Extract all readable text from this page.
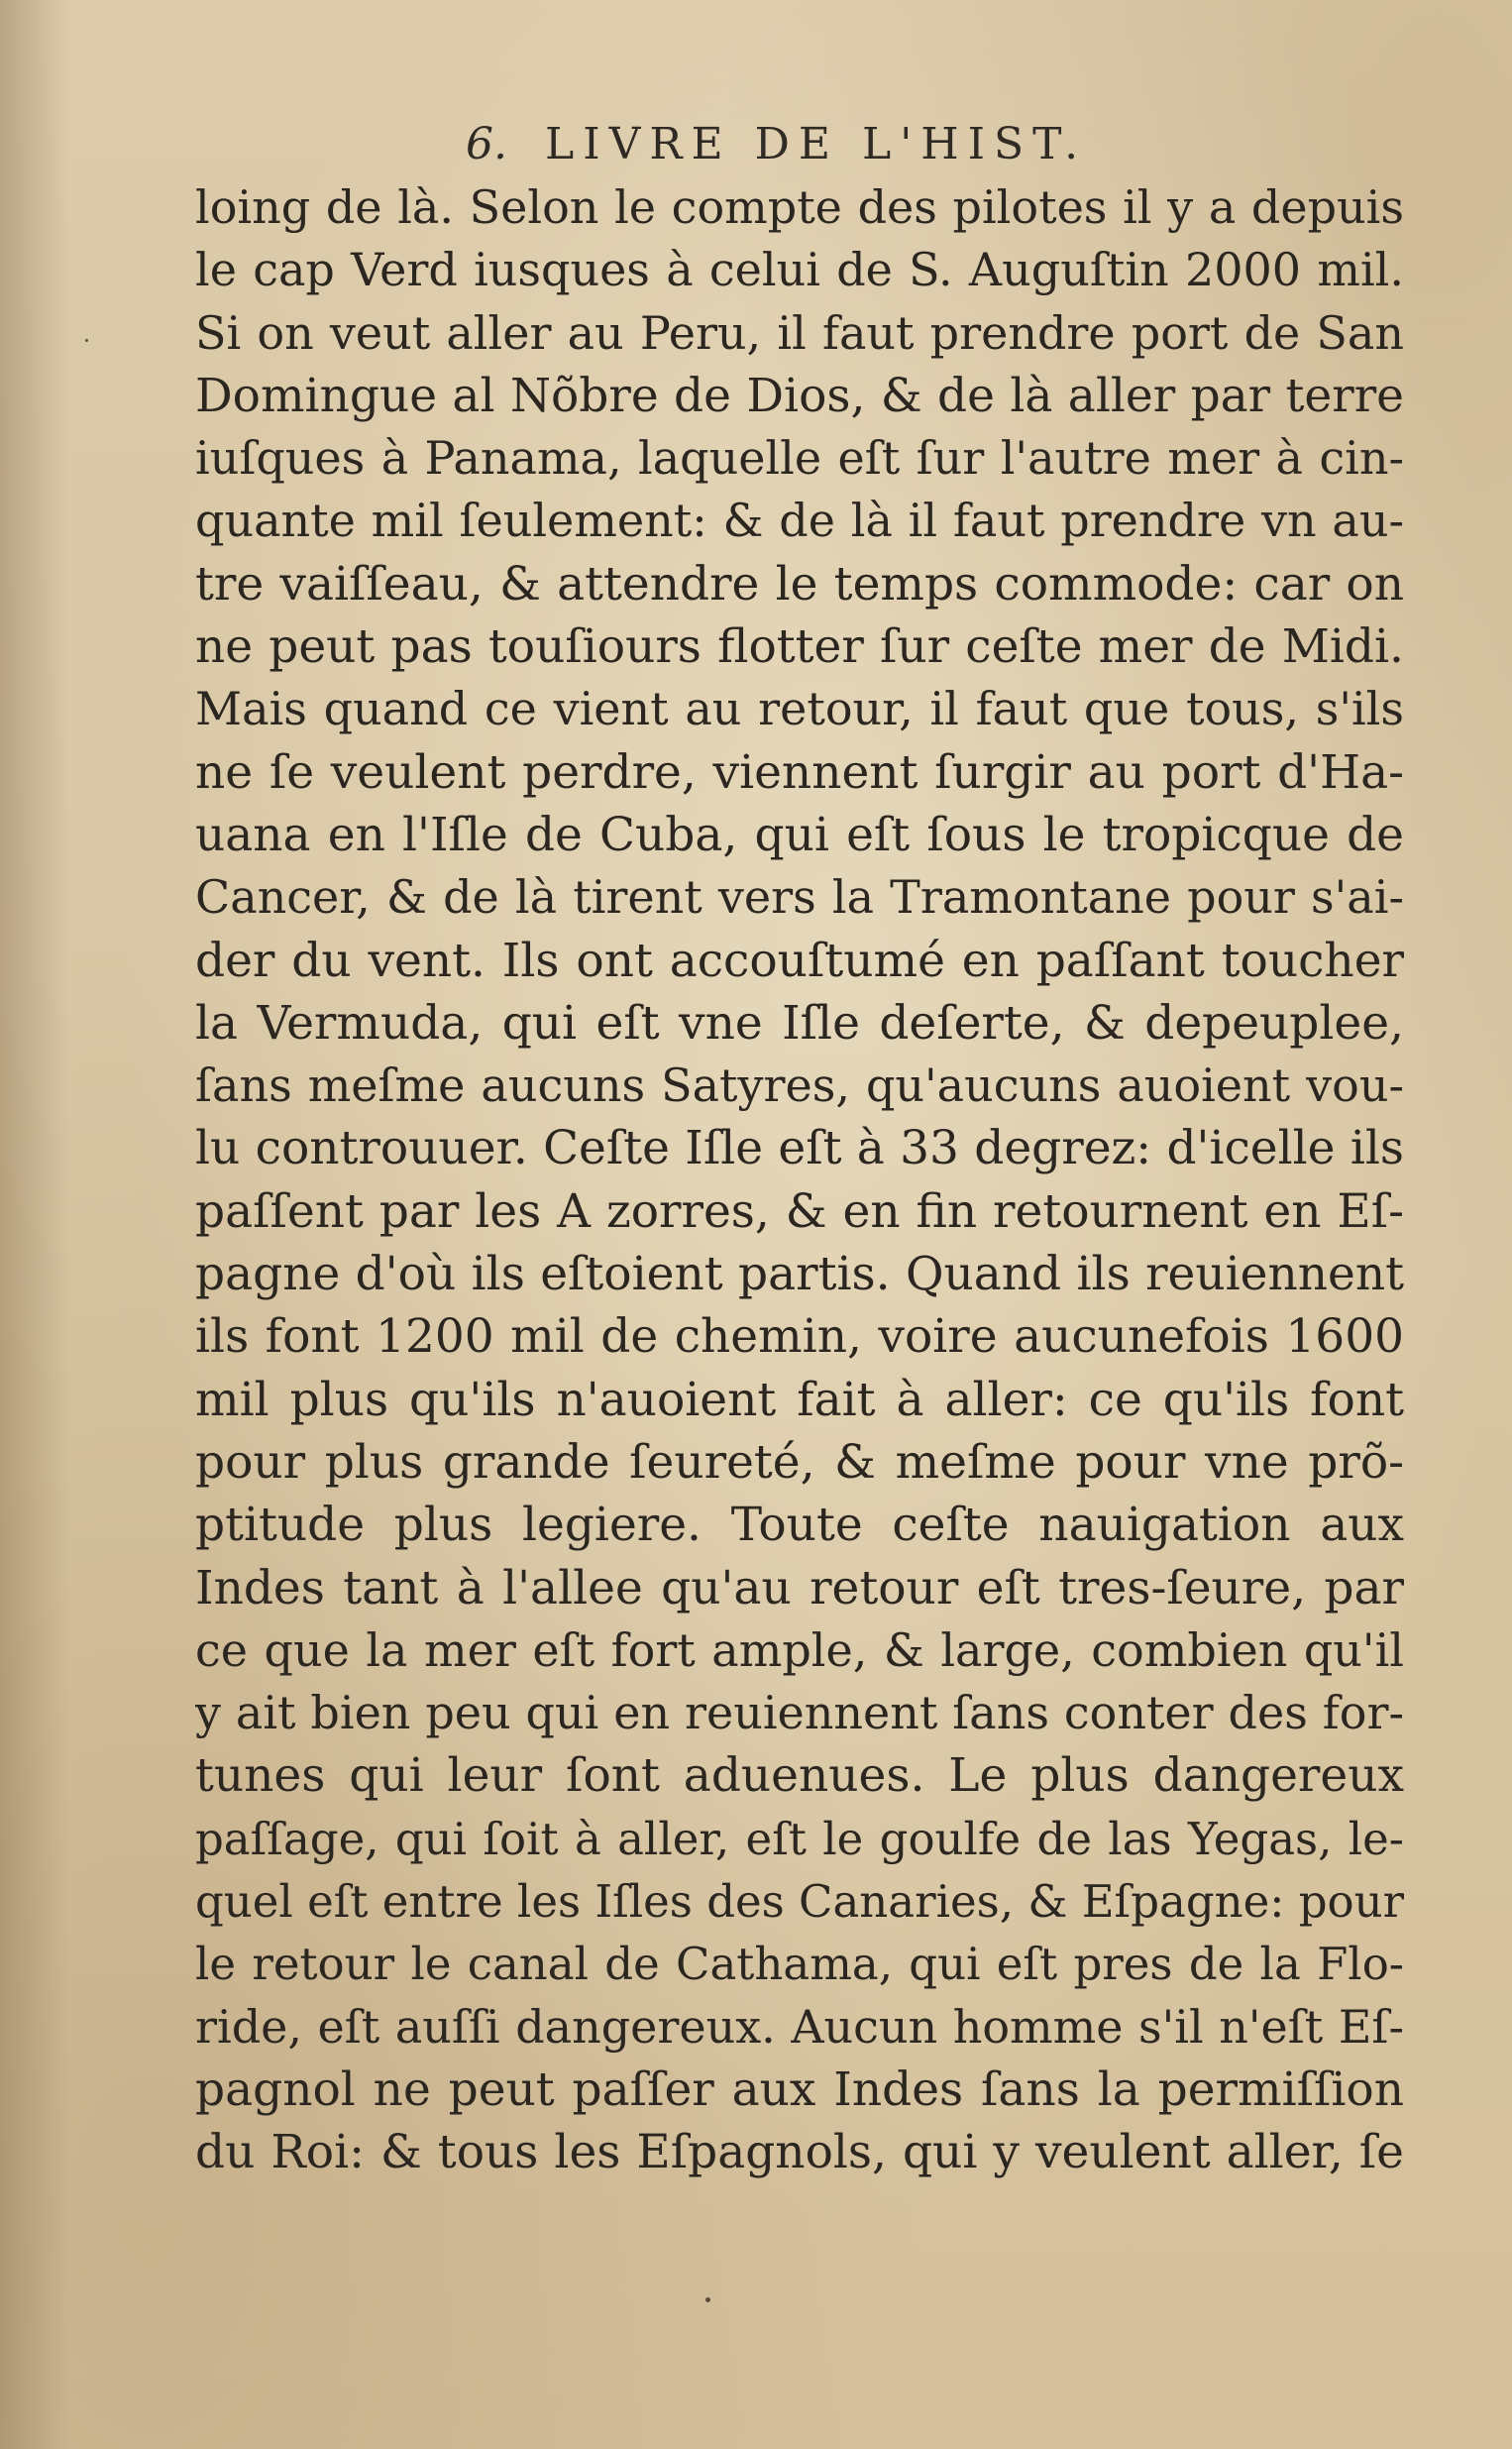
6. LIVRE DE L'HIST.
loing de là. Selon le compte des pilotes il y a depuis
le cap Verd iusques à celui de S. Auguſtin 2000 mil.
Si on veut aller au Peru, il faut prendre port de San
Domingue al Nõbre de Dios, & de là aller par terre
iuſques à Panama, laquelle eſt ſur l'autre mer à cin-
quante mil ſeulement: & de là il faut prendre vn au-
tre vaiſſeau, & attendre le temps commode: car on
ne peut pas touſiours flotter ſur ceſte mer de Midi.
Mais quand ce vient au retour, il faut que tous, s'ils
ne ſe veulent perdre, viennent ſurgir au port d'Ha-
uana en l'Iſle de Cuba, qui eſt ſous le tropicque de
Cancer, & de là tirent vers la Tramontane pour s'ai-
der du vent. Ils ont accouſtumé en paſſant toucher
la Vermuda, qui eſt vne Iſle deſerte, & depeuplee,
ſans meſme aucuns Satyres, qu'aucuns auoient vou-
lu controuuer. Ceſte Iſle eſt à 33 degrez: d'icelle ils
paſſent par les A zorres, & en fin retournent en Eſ-
pagne d'où ils eſtoient partis. Quand ils reuiennent
ils font 1200 mil de chemin, voire aucunefois 1600
mil plus qu'ils n'auoient fait à aller: ce qu'ils font
pour plus grande ſeureté, & meſme pour vne prõ-
ptitude plus legiere. Toute ceſte nauigation aux
Indes tant à l'allee qu'au retour eſt tres-ſeure, par
ce que la mer eſt fort ample, & large, combien qu'il
y ait bien peu qui en reuiennent ſans conter des for-
tunes qui leur ſont aduenues. Le plus dangereux
paſſage, qui ſoit à aller, eſt le goulfe de las Yegas, le-
quel eſt entre les Iſles des Canaries, & Eſpagne: pour
le retour le canal de Cathama, qui eſt pres de la Flo-
ride, eſt auſſi dangereux. Aucun homme s'il n'eſt Eſ-
pagnol ne peut paſſer aux Indes ſans la permiſſion
du Roi: & tous les Eſpagnols, qui y veulent aller, ſe
